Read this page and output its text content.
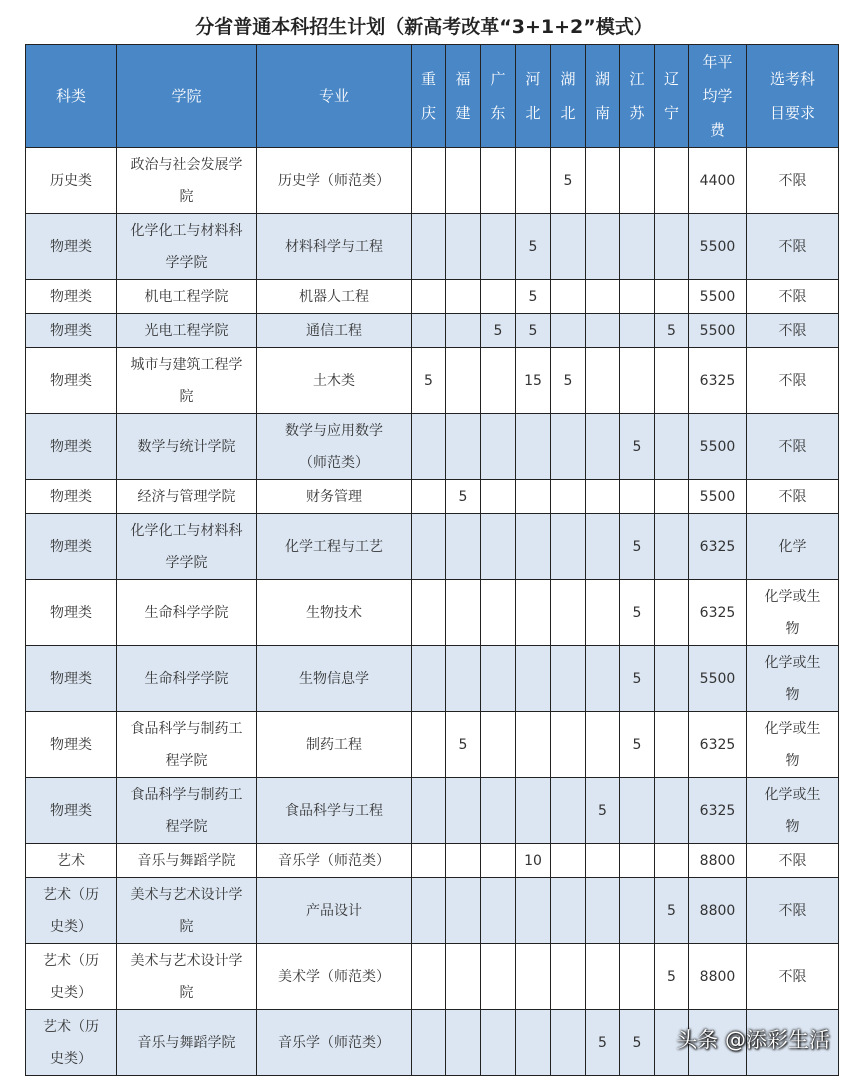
分省普通本科招生计划（新高考改革“3+1+2”模式）
科类	学院	专业	重庆	福建	广东	河北	湖北	湖南	江苏	辽宁	年平均学费	选考科目要求

历史类	政治与社会发展学院	历史学（师范类）					5				4400	不限

物理类	化学化工与材料科学学院	材料科学与工程				5					5500	不限

物理类	机电工程学院	机器人工程				5					5500	不限

物理类	光电工程学院	通信工程			5	5				5	5500	不限

物理类	城市与建筑工程学院	土木类	5			15	5				6325	不限

物理类	数学与统计学院	数学与应用数学（师范类）							5		5500	不限

物理类	经济与管理学院	财务管理		5							5500	不限

物理类	化学化工与材料科学学院	化学工程与工艺							5		6325	化学

物理类	生命科学学院	生物技术							5		6325	化学或生物

物理类	生命科学学院	生物信息学							5		5500	化学或生物

物理类	食品科学与制药工程学院	制药工程		5					5		6325	化学或生物

物理类	食品科学与制药工程学院	食品科学与工程						5			6325	化学或生物

艺术	音乐与舞蹈学院	音乐学（师范类）				10					8800	不限

艺术（历史类）	美术与艺术设计学院	产品设计								5	8800	不限

艺术（历史类）	美术与艺术设计学院	美术学（师范类）								5	8800	不限

艺术（历史类）	音乐与舞蹈学院	音乐学（师范类）						5	5			

		头条 @添彩生活
